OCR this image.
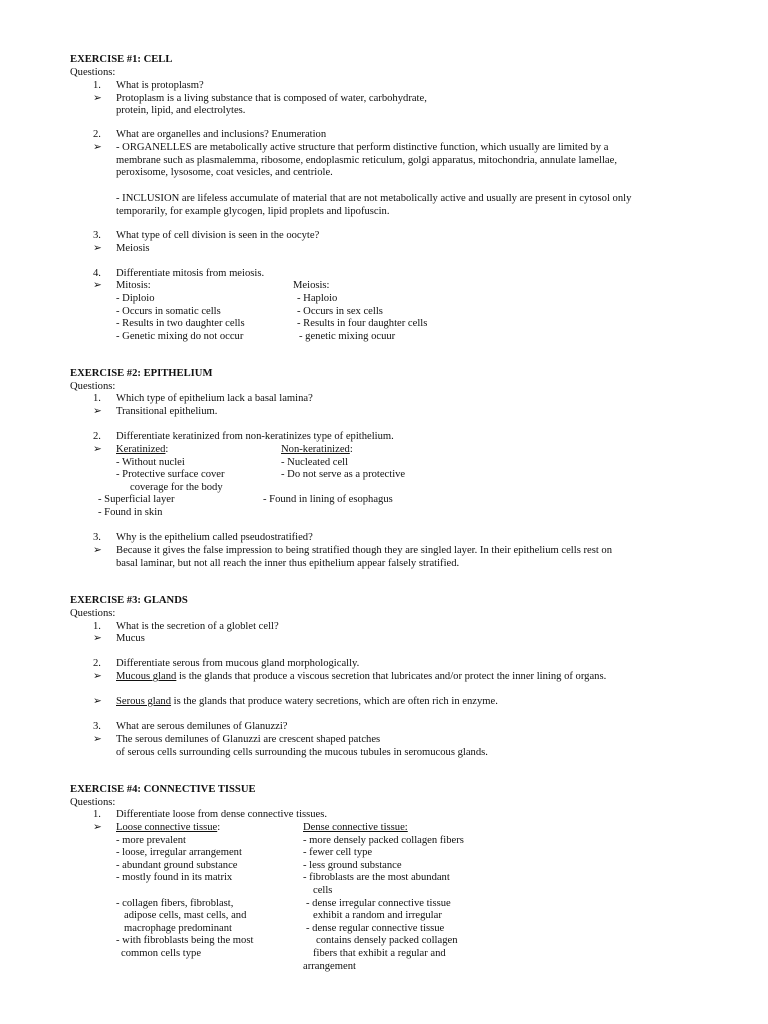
EXERCISE #1: CELL
Questions:
1. What is protoplasm?
➢ Protoplasm is a living substance that is composed of water, carbohydrate,
protein, lipid, and electrolytes.
2. What are organelles and inclusions? Enumeration
➢ - ORGANELLES are metabolically active structure that perform distinctive function, which usually are limited by a
membrane such as plasmalemma, ribosome, endoplasmic reticulum, golgi apparatus, mitochondria, annulate lamellae,
peroxisome, lysosome, coat vesicles, and centriole.
- INCLUSION are lifeless accumulate of material that are not metabolically active and usually are present in cytosol only
temporarily, for example glycogen, lipid proplets and lipofuscin.
3. What type of cell division is seen in the oocyte?
➢ Meiosis
4. Differentiate mitosis from meiosis.
➢ Mitosis:	Meiosis:
- Diploio	- Haploio
- Occurs in somatic cells	- Occurs in sex cells
- Results in two daughter cells	- Results in four daughter cells
- Genetic mixing do not occur	- genetic mixing ocuur
EXERCISE #2: EPITHELIUM
Questions:
1. Which type of epithelium lack a basal lamina?
➢ Transitional epithelium.
2. Differentiate keratinized from non-keratinizes type of epithelium.
➢ Keratinized:	Non-keratinized:
- Without nuclei	- Nucleated cell
- Protective surface cover	- Do not serve as a protective
coverage for the body
- Superficial layer	- Found in lining of esophagus
- Found in skin
3. Why is the epithelium called pseudostratified?
➢ Because it gives the false impression to being stratified though they are singled layer. In their epithelium cells rest on
basal laminar, but not all reach the inner thus epithelium appear falsely stratified.
EXERCISE #3: GLANDS
Questions:
1. What is the secretion of a globlet cell?
➢ Mucus
2. Differentiate serous from mucous gland morphologically.
➢ Mucous gland is the glands that produce a viscous secretion that lubricates and/or protect the inner lining of organs.
➢ Serous gland is the glands that produce watery secretions, which are often rich in enzyme.
3. What are serous demilunes of Glanuzzi?
➢ The serous demilunes of Glanuzzi are crescent shaped patches
of serous cells surrounding cells surrounding the mucous tubules in seromucous glands.
EXERCISE #4: CONNECTIVE TISSUE
Questions:
1. Differentiate loose from dense connective tissues.
➢ Loose connective tissue:	Dense connective tissue:
- more prevalent	- more densely packed collagen fibers
- loose, irregular arrangement	- fewer cell type
- abundant ground substance	- less ground substance
- mostly found in its matrix	- fibroblasts are the most abundant
cells
- collagen fibers, fibroblast,	- dense irregular connective tissue
adipose cells, mast cells, and	exhibit a random and irregular
macrophage predominant	- dense regular connective tissue
- with fibroblasts being the most	contains densely packed collagen
common cells type	fibers that exhibit a regular and
arrangement
